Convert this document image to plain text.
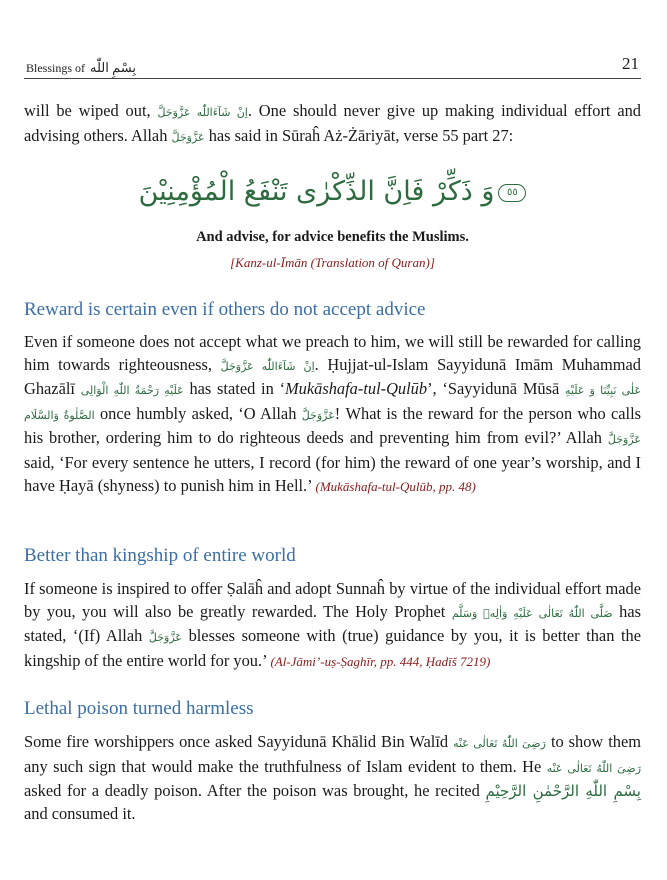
Blessings of بِسْمِ اللّٰه	21
will be wiped out, اِنْ شَآءَاللّٰه عَزَّوَجَلَّ. One should never give up making individual effort and advising others. Allah عَزَّوَجَلَّ has said in Sūraĥ Aż-Żāriyāt, verse 55 part 27:
٥٥وَ ذَكِّرْ فَاِنَّ الذِّكْرٰى تَنْفَعُ الْمُؤْمِنِيْنَ
And advise, for advice benefits the Muslims.
[Kanz-ul-Īmān (Translation of Quran)]
Reward is certain even if others do not accept advice
Even if someone does not accept what we preach to him, we will still be rewarded for calling him towards righteousness, اِنْ شَآءَاللّٰه عَزَّوَجَلَّ. Ḥujjat-ul-Islam Sayyidunā Imām Muhammad Ghazālī عَلَيْهِ رَحْمَةُ اللّٰهِ الْوَالِى has stated in ‘Mukāshafa-tul-Qulūb’, ‘Sayyidunā Mūsā عَلٰى نَبِيِّنَا وَ عَلَيْهِ الصَّلٰوةُ وَالسَّلَام once humbly asked, ‘O Allah عَزَّوَجَلَّ! What is the reward for the person who calls his brother, ordering him to do righteous deeds and preventing him from evil?’ Allah عَزَّوَجَلَّ said, ‘For every sentence he utters, I record (for him) the reward of one year’s worship, and I have Ḥayā (shyness) to punish him in Hell.’ (Mukāshafa-tul-Qulūb, pp. 48)
Better than kingship of entire world
If someone is inspired to offer Ṣalāĥ and adopt Sunnaĥ by virtue of the individual effort made by you, you will also be greatly rewarded. The Holy Prophet صَلَّى اللّٰهُ تَعَالٰى عَلَيْهِ وَاٰلِهٖ وَسَلَّم has stated, ‘(If) Allah عَزَّوَجَلَّ blesses someone with (true) guidance by you, it is better than the kingship of the entire world for you.’ (Al-Jāmi’-uṣ-Ṣaghīr, pp. 444, Ḥadīš 7219)
Lethal poison turned harmless
Some fire worshippers once asked Sayyidunā Khālid Bin Walīd رَضِىَ اللّٰهُ تَعَالٰى عَنْه to show them any such sign that would make the truthfulness of Islam evident to them. He رَضِىَ اللّٰهُ تَعَالٰى عَنْه asked for a deadly poison. After the poison was brought, he recited بِسْمِ اللّٰهِ الرَّحْمٰنِ الرَّحِيْمِ and consumed it.
